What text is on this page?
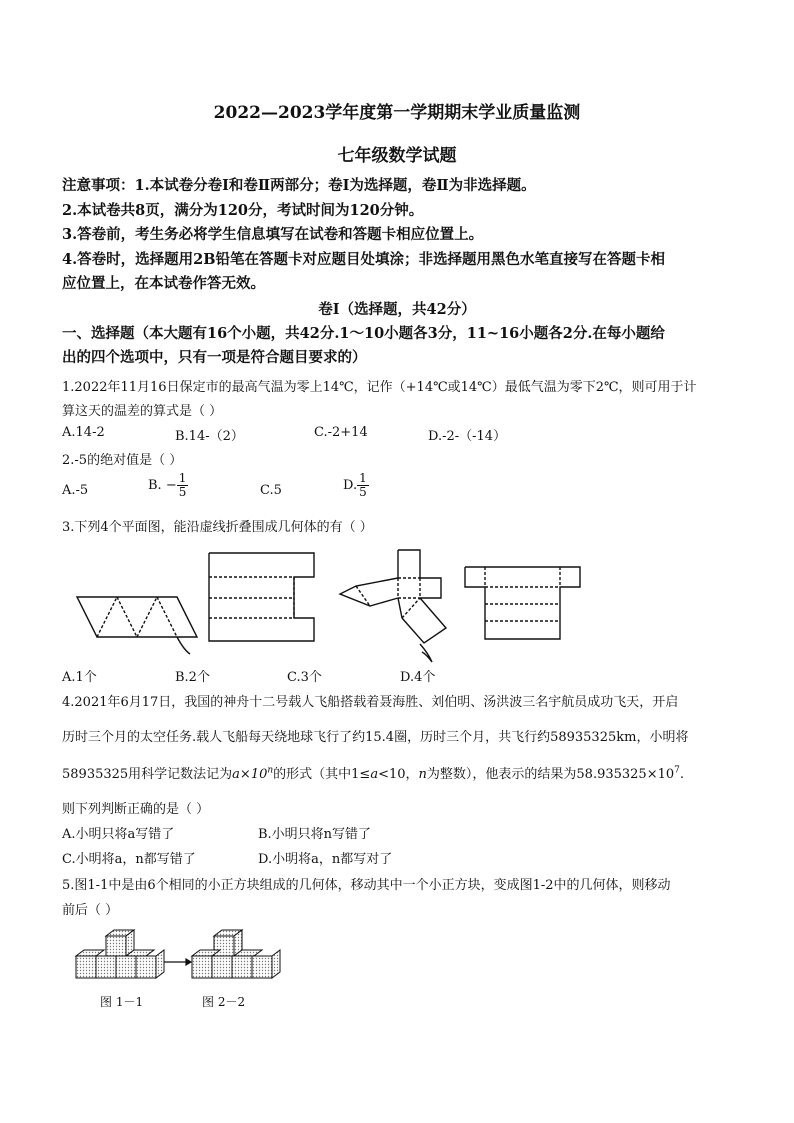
2022—2023学年度第一学期期末学业质量监测
七年级数学试题
注意事项：1.本试卷分卷Ⅰ和卷Ⅱ两部分；卷Ⅰ为选择题，卷Ⅱ为非选择题。
2.本试卷共8页，满分为120分，考试时间为120分钟。
3.答卷前，考生务必将学生信息填写在试卷和答题卡相应位置上。
4.答卷时，选择题用2B铅笔在答题卡对应题目处填涂；非选择题用黑色水笔直接写在答题卡相
应位置上，在本试卷作答无效。
卷Ⅰ（选择题，共42分）
一、选择题（本大题有16个小题，共42分.1～10小题各3分，11~16小题各2分.在每小题给
出的四个选项中，只有一项是符合题目要求的）
1.2022年11月16日保定市的最高气温为零上14℃，记作（+14℃或14℃）最低气温为零下2℃，则可用于计
算这天的温差的算式是（ ）
A.14-2	B.14-（2）	C.-2+14	D.-2-（-14）
2.-5的绝对值是（ ）
A.-5	B. − $\frac{1}{5}$	C.5	D. $\frac{1}{5}$
3.下列4个平面图，能沿虚线折叠围成几何体的有（ ）
A.1个	B.2个	C.3个	D.4个
4.2021年6月17日，我国的神舟十二号载人飞船搭载着聂海胜、刘伯明、汤洪波三名宇航员成功飞天，开启
历时三个月的太空任务.载人飞船每天绕地球飞行了约15.4圈，历时三个月，共飞行约58935325km，小明将
58935325用科学记数法记为$a\times 10^n$的形式（其中1≤a<10，n为整数），他表示的结果为$58.935325\times 10^7$.
则下列判断正确的是（ ）
A.小明只将a写错了	B.小明只将n写错了
C.小明将a，n都写错了	D.小明将a，n都写对了
5.图1-1中是由6个相同的小正方块组成的几何体，移动其中一个小正方块，变成图1-2中的几何体，则移动
前后（ ）
图 1－1	图 2－2
